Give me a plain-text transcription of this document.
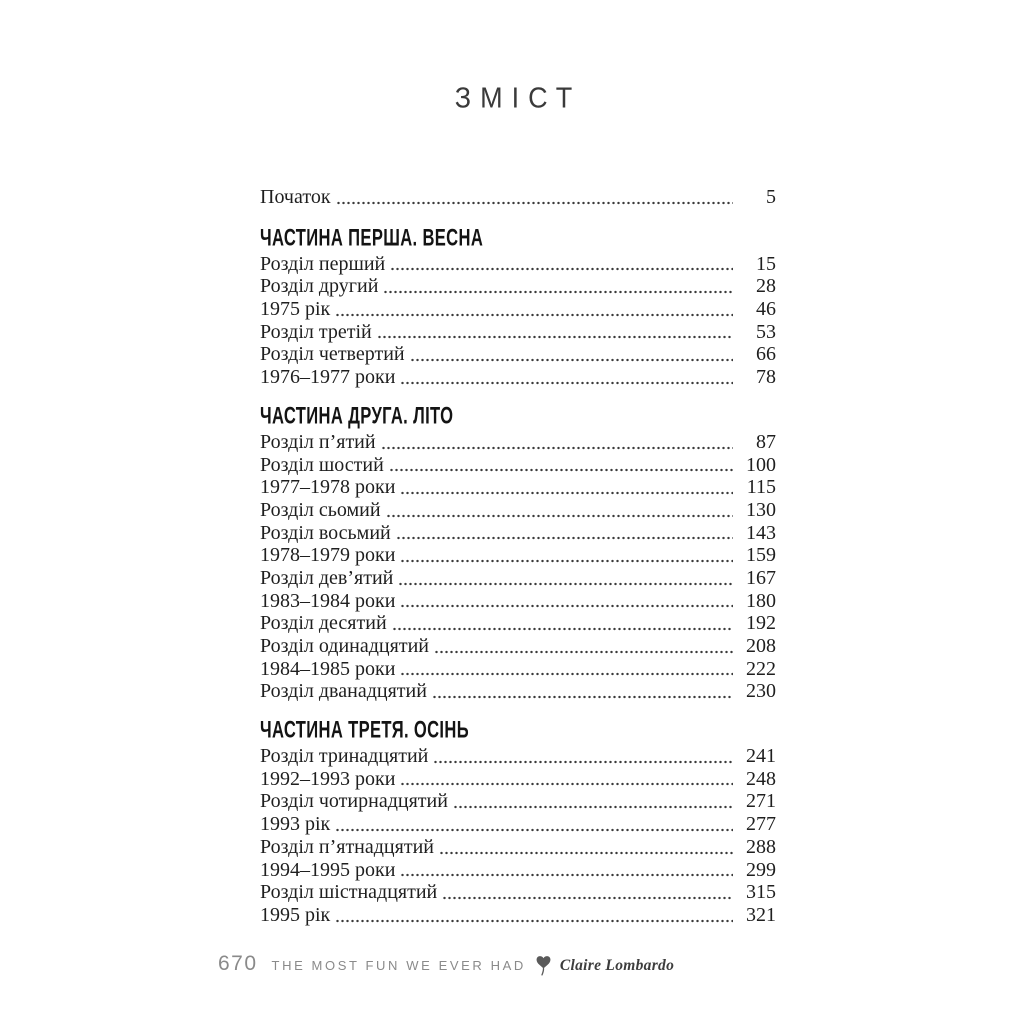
ЗМІСТ
Початок	5
ЧАСТИНА ПЕРША. ВЕСНА
Розділ перший	15
Розділ другий	28
1975 рік	46
Розділ третій	53
Розділ четвертий	66
1976–1977 роки	78
ЧАСТИНА ДРУГА. ЛІТО
Розділ п’ятий	87
Розділ шостий	100
1977–1978 роки	115
Розділ сьомий	130
Розділ восьмий	143
1978–1979 роки	159
Розділ дев’ятий	167
1983–1984 роки	180
Розділ десятий	192
Розділ одинадцятий	208
1984–1985 роки	222
Розділ дванадцятий	230
ЧАСТИНА ТРЕТЯ. ОСІНЬ
Розділ тринадцятий	241
1992–1993 роки	248
Розділ чотирнадцятий	271
1993 рік	277
Розділ п’ятнадцятий	288
1994–1995 роки	299
Розділ шістнадцятий	315
1995 рік	321
670 THE MOST FUN WE EVER HAD Claire Lombardo
